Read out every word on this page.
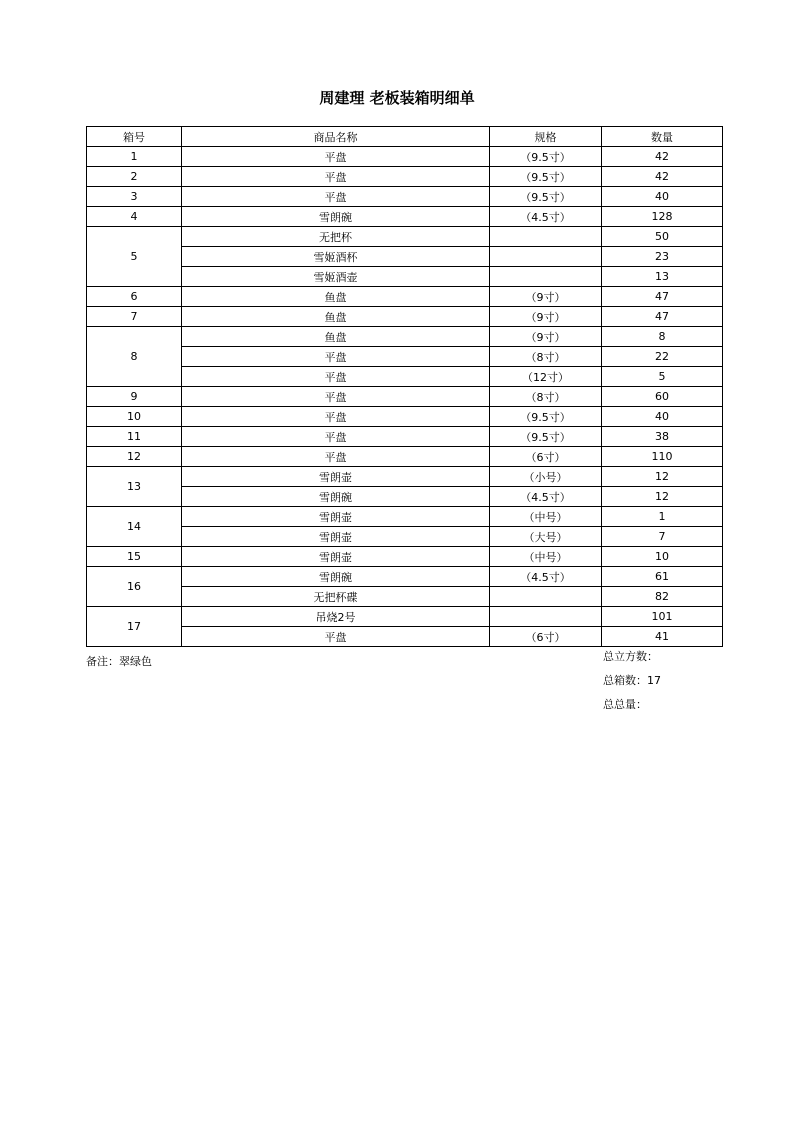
周建理 老板装箱明细单
箱号	商品名称	规格	数量
1	平盘	（9.5寸）	42
2	平盘	（9.5寸）	42
3	平盘	（9.5寸）	40
4	雪朗碗	（4.5寸）	128
5	无把杯		50
	雪姬酒杯		23
	雪姬酒壶		13
6	鱼盘	（9寸）	47
7	鱼盘	（9寸）	47
8	鱼盘	（9寸）	8
	平盘	（8寸）	22
	平盘	（12寸）	5
9	平盘	（8寸）	60
10	平盘	（9.5寸）	40
11	平盘	（9.5寸）	38
12	平盘	（6寸）	110
13	雪朗壶	（小号）	12
	雪朗碗	（4.5寸）	12
14	雪朗壶	（中号）	1
	雪朗壶	（大号）	7
15	雪朗壶	（中号）	10
16	雪朗碗	（4.5寸）	61
	无把杯碟		82
17	吊烧2号		101
	平盘	（6寸）	41
备注：翠绿色	总立方数：
总箱数：17
总总量：
